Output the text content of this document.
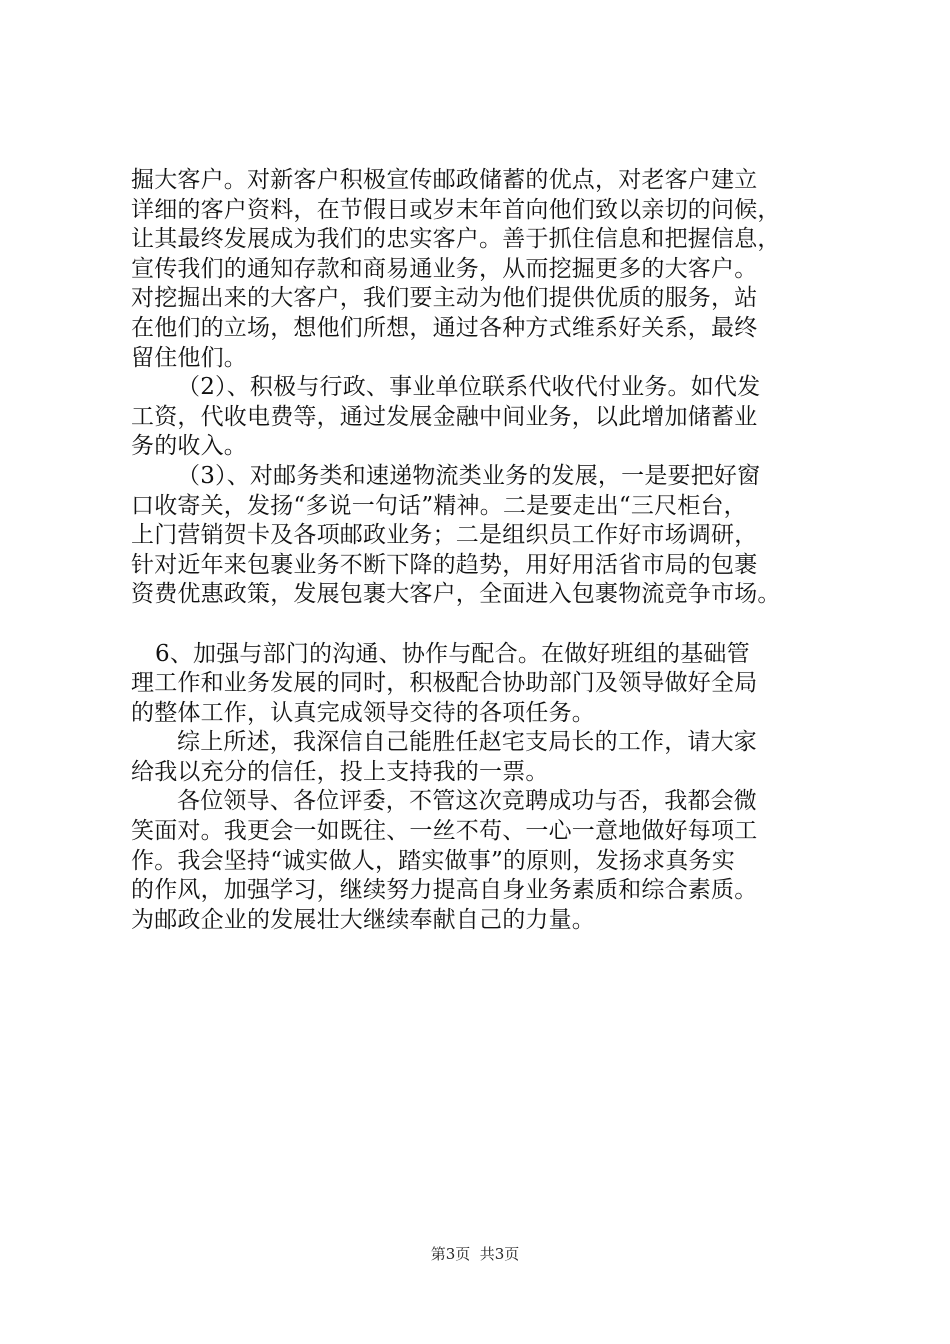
掘大客户。对新客户积极宣传邮政储蓄的优点，对老客户建立
详细的客户资料，在节假日或岁末年首向他们致以亲切的问候，
让其最终发展成为我们的忠实客户。善于抓住信息和把握信息，
宣传我们的通知存款和商易通业务，从而挖掘更多的大客户。
对挖掘出来的大客户，我们要主动为他们提供优质的服务，站
在他们的立场，想他们所想，通过各种方式维系好关系，最终
留住他们。
（2）、积极与行政、事业单位联系代收代付业务。如代发
工资，代收电费等，通过发展金融中间业务，以此增加储蓄业
务的收入。
（3）、对邮务类和速递物流类业务的发展，一是要把好窗
口收寄关，发扬“多说一句话”精神。二是要走出“三尺柜台，
上门营销贺卡及各项邮政业务；二是组织员工作好市场调研，
针对近年来包裹业务不断下降的趋势，用好用活省市局的包裹
资费优惠政策，发展包裹大客户，全面进入包裹物流竞争市场。
6、加强与部门的沟通、协作与配合。在做好班组的基础管
理工作和业务发展的同时，积极配合协助部门及领导做好全局
的整体工作，认真完成领导交待的各项任务。
综上所述，我深信自己能胜任赵宅支局长的工作，请大家
给我以充分的信任，投上支持我的一票。
各位领导、各位评委，不管这次竞聘成功与否，我都会微
笑面对。我更会一如既往、一丝不苟、一心一意地做好每项工
作。我会坚持“诚实做人，踏实做事”的原则，发扬求真务实
的作风，加强学习，继续努力提高自身业务素质和综合素质。
为邮政企业的发展壮大继续奉献自己的力量。
第3页  共3页
